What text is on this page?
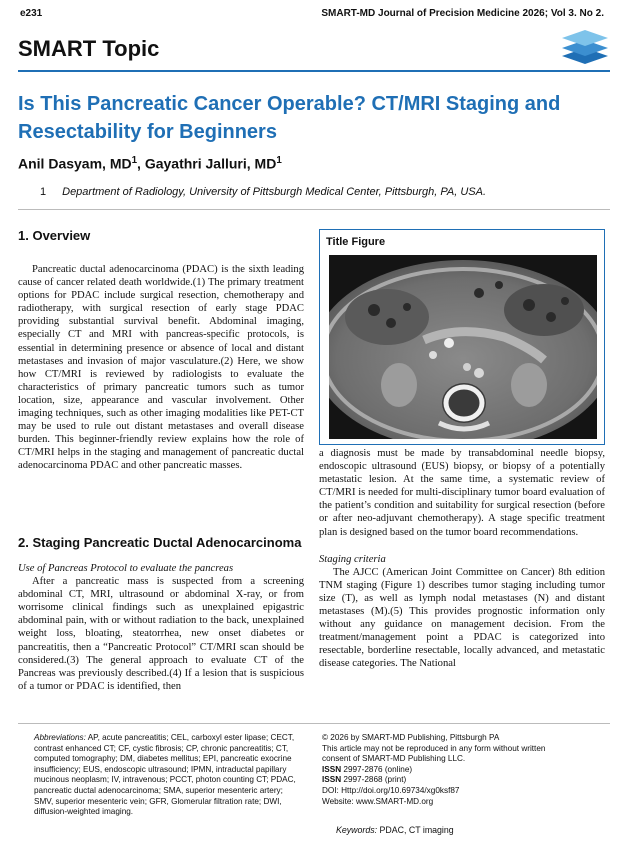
e231	SMART-MD Journal of Precision Medicine 2026; Vol 3. No 2.
SMART Topic
Is This Pancreatic Cancer Operable? CT/MRI Staging and Resectability for Beginners
Anil Dasyam, $MD^1$, Gayathri Jalluri, $MD^1$
1 Department of Radiology, University of Pittsburgh Medical Center, Pittsburgh, PA, USA.
1. Overview

Pancreatic ductal adenocarcinoma (PDAC) is the sixth leading cause of cancer related death worldwide.(1) The primary treatment options for PDAC include surgical resection, chemotherapy and radiotherapy, with surgical resection of early stage PDAC providing substantial survival benefit. Abdominal imaging, especially CT and MRI with pancreas-specific protocols, is essential in determining presence or absence of local and distant metastases and invasion of major vasculature.(2) Here, we show how CT/MRI is reviewed by radiologists to evaluate the characteristics of primary pancreatic tumors such as tumor location, size, appearance and vascular involvement. Other imaging techniques, such as other imaging modalities like PET-CT may be used to rule out distant metastases and overall disease burden. This beginner-friendly review explains how the role of CT/MRI helps in the staging and management of pancreatic ductal adenocarcinoma PDAC and other pancreatic masses.

2. Staging Pancreatic Ductal Adenocarcinoma

Use of Pancreas Protocol to evaluate the pancreas

After a pancreatic mass is suspected from a screening abdominal CT, MRI, ultrasound or abdominal X-ray, or from worrisome clinical findings such as unexplained epigastric abdominal pain, with or without radiation to the back, unexplained weight loss, bloating, steatorrhea, new onset diabetes or pancreatitis, then a “Pancreatic Protocol” CT/MRI scan should be considered.(3) The general approach to evaluate CT of the Pancreas was previously described.(4) If a lesion that is suspicious of a tumor or PDAC is identified, then

Title Figure

a diagnosis must be made by transabdominal needle biopsy, endoscopic ultrasound (EUS) biopsy, or biopsy of a potentially metastatic lesion. At the same time, a systematic review of CT/MRI is needed for multi-disciplinary tumor board evaluation of the patient’s condition and suitability for surgical resection (before or after neo-adjuvant chemotherapy). A stage specific treatment plan is designed based on the tumor board recommendations.

Staging criteria

The AJCC (American Joint Committee on Cancer) 8th edition TNM staging (Figure 1) describes tumor staging including tumor size (T), as well as lymph nodal metastases (N) and distant metastases (M).(5) This provides prognostic information only without any guidance on management decision. From the treatment/management point a PDAC is categorized into resectable, borderline resectable, locally advanced, and metastatic disease categories. The National

Abbreviations: AP, acute pancreatitis; CEL, carboxyl ester lipase; CECT, contrast enhanced CT; CF, cystic fibrosis; CP, chronic pancreatitis; CT, computed tomography; DM, diabetes mellitus; EPI, pancreatic exocrine insufficiency; EUS, endoscopic ultrasound; IPMN, intraductal papillary mucinous neoplasm; IV, intravenous; PCCT, photon counting CT; PDAC, pancreatic ductal adenocarcinoma; SMA, superior mesenteric artery; SMV, superior mesenteric vein; GFR, Glomerular filtration rate; DWI, diffusion-weighted imaging.
© 2026 by SMART-MD Publishing, Pittsburgh PA
This article may not be reproduced in any form without written
consent of SMART-MD Publishing LLC.
ISSN 2997-2876 (online)
ISSN 2997-2868 (print)
DOI: Http://doi.org/10.69734/xg0ksf87
Website: www.SMART-MD.org
Keywords: PDAC, CT imaging
